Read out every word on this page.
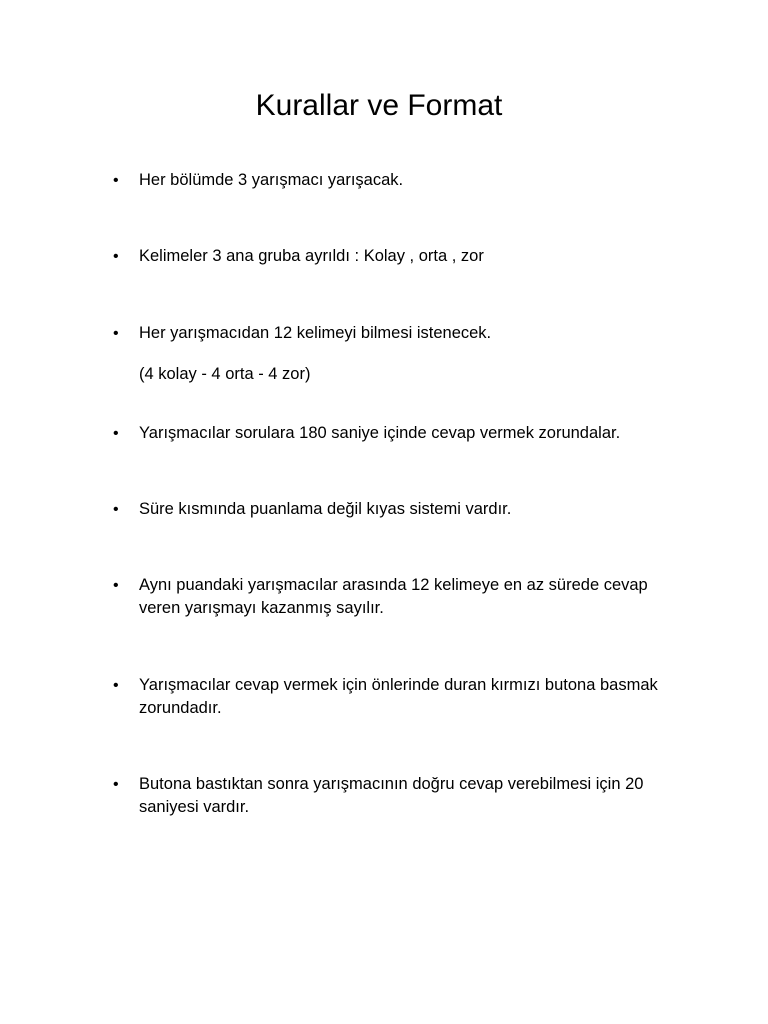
Kurallar ve Format
•	Her bölümde 3 yarışmacı yarışacak.
•	Kelimeler 3 ana gruba ayrıldı : Kolay , orta , zor
•	Her yarışmacıdan 12 kelimeyi bilmesi istenecek.
(4 kolay - 4 orta - 4 zor)
•	Yarışmacılar sorulara 180 saniye içinde cevap vermek zorundalar.
•	Süre kısmında puanlama değil kıyas sistemi vardır.
•	Aynı puandaki yarışmacılar arasında 12 kelimeye en az sürede cevap veren yarışmayı kazanmış sayılır.
•	Yarışmacılar cevap vermek için önlerinde duran kırmızı butona basmak zorundadır.
•	Butona bastıktan sonra yarışmacının doğru cevap verebilmesi için 20 saniyesi vardır.
